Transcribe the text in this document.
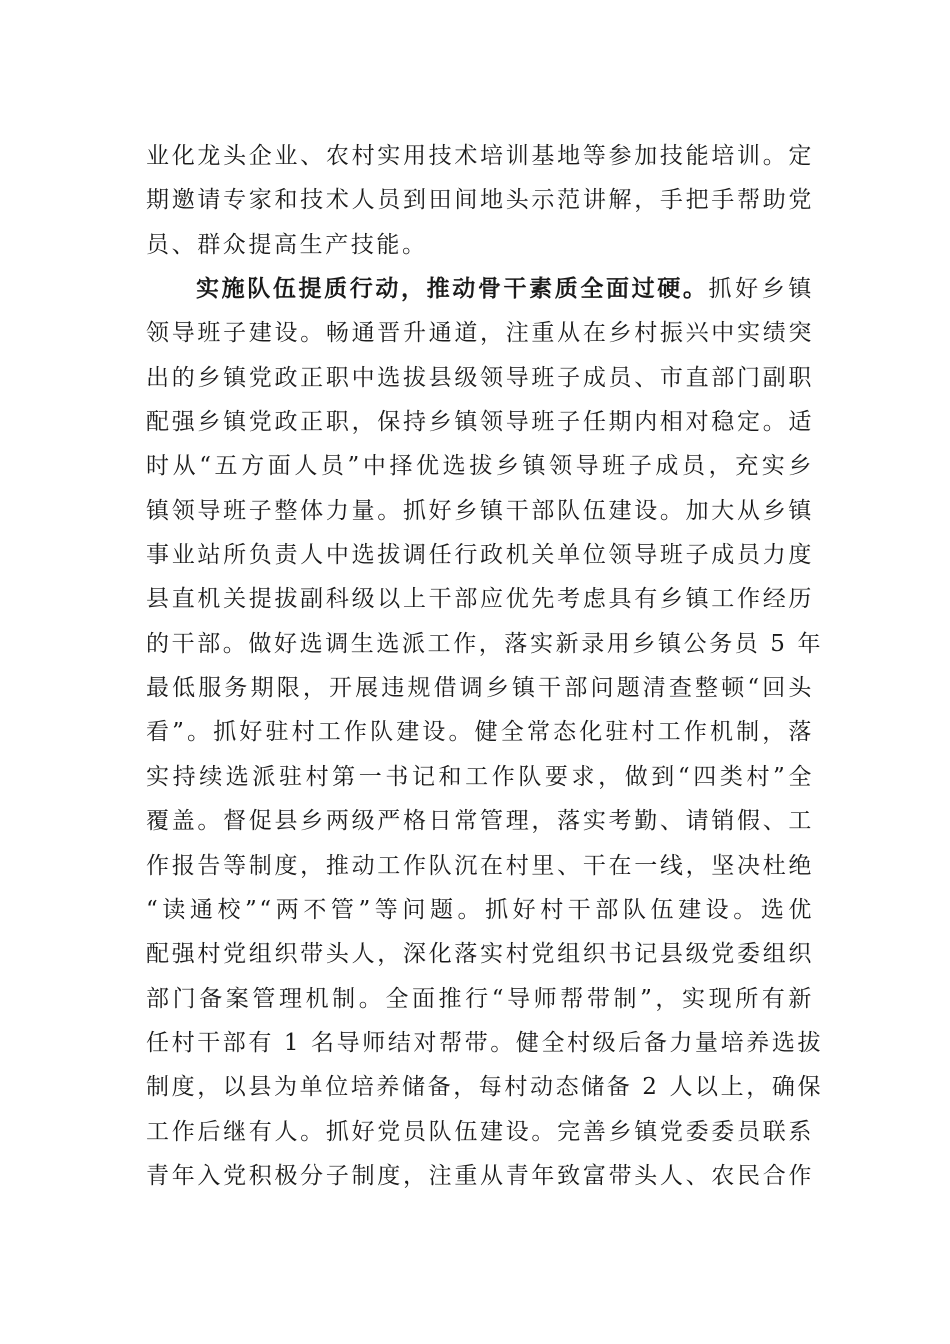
业化龙头企业、农村实用技术培训基地等参加技能培训。定
期邀请专家和技术人员到田间地头示范讲解，手把手帮助党
员、群众提高生产技能。
实施队伍提质行动，推动骨干素质全面过硬。抓好乡镇
领导班子建设。畅通晋升通道，注重从在乡村振兴中实绩突
出的乡镇党政正职中选拔县级领导班子成员、市直部门副职
配强乡镇党政正职，保持乡镇领导班子任期内相对稳定。适
时从“五方面人员”中择优选拔乡镇领导班子成员，充实乡
镇领导班子整体力量。抓好乡镇干部队伍建设。加大从乡镇
事业站所负责人中选拔调任行政机关单位领导班子成员力度
县直机关提拔副科级以上干部应优先考虑具有乡镇工作经历
的干部。做好选调生选派工作，落实新录用乡镇公务员 5 年
最低服务期限，开展违规借调乡镇干部问题清查整顿“回头
看”。抓好驻村工作队建设。健全常态化驻村工作机制，落
实持续选派驻村第一书记和工作队要求，做到“四类村”全
覆盖。督促县乡两级严格日常管理，落实考勤、请销假、工
作报告等制度，推动工作队沉在村里、干在一线，坚决杜绝
“读通校”“两不管”等问题。抓好村干部队伍建设。选优
配强村党组织带头人，深化落实村党组织书记县级党委组织
部门备案管理机制。全面推行“导师帮带制”，实现所有新
任村干部有 1 名导师结对帮带。健全村级后备力量培养选拔
制度，以县为单位培养储备，每村动态储备 2 人以上，确保
工作后继有人。抓好党员队伍建设。完善乡镇党委委员联系
青年入党积极分子制度，注重从青年致富带头人、农民合作
